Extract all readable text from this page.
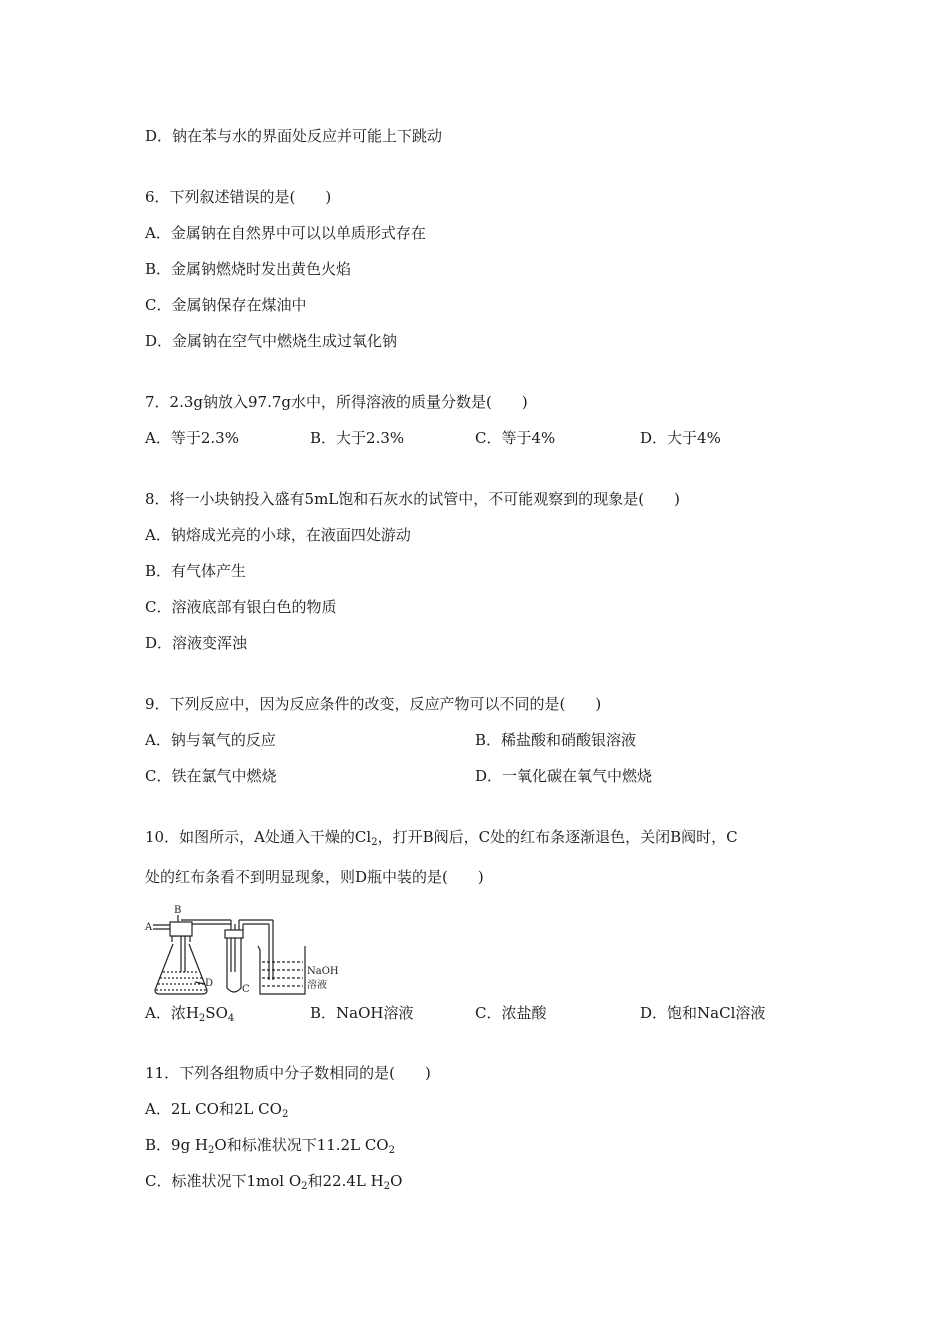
D．钠在苯与水的界面处反应并可能上下跳动
6．下列叙述错误的是(　　)
A．金属钠在自然界中可以以单质形式存在
B．金属钠燃烧时发出黄色火焰
C．金属钠保存在煤油中
D．金属钠在空气中燃烧生成过氧化钠
7．2.3g钠放入97.7g水中，所得溶液的质量分数是(　　)
A．等于2.3%	B．大于2.3%	C．等于4%	D．大于4%
8．将一小块钠投入盛有5mL饱和石灰水的试管中，不可能观察到的现象是(　　)
A．钠熔成光亮的小球，在液面四处游动
B．有气体产生
C．溶液底部有银白色的物质
D．溶液变浑浊
9．下列反应中，因为反应条件的改变，反应产物可以不同的是(　　)
A．钠与氧气的反应	B．稀盐酸和硝酸银溶液
C．铁在氯气中燃烧	D．一氧化碳在氧气中燃烧
10．如图所示，A处通入干燥的$Cl_2$，打开B阀后，C处的红布条逐渐退色，关闭B阀时，C
处的红布条看不到明显现象，则D瓶中装的是(　　)
A
B
C
D
NaOH
溶液
A．浓$H_2SO_4$	B．NaOH溶液	C．浓盐酸	D．饱和NaCl溶液
11．下列各组物质中分子数相同的是(　　)
A．2L CO和2L $CO_2$
B．9g $H_2O$和标准状况下11.2L $CO_2$
C．标准状况下1mol $O_2$和22.4L $H_2O$
